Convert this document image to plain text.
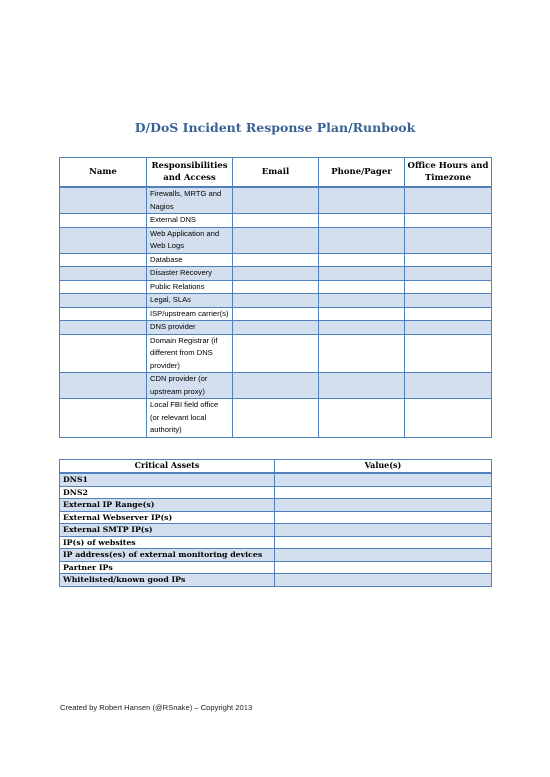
D/DoS Incident Response Plan/Runbook
Name	Responsibilities and Access	Email	Phone/Pager	Office Hours and Timezone
	Firewalls, MRTG and Nagios			
	External DNS			
	Web Application and Web Logs			
	Database			
	Disaster Recovery			
	Public Relations			
	Legal, SLAs			
	ISP/upstream carrier(s)			
	DNS provider			
	Domain Registrar (if different from DNS provider)			
	CDN provider (or upstream proxy)			
	Local FBI field office (or relevant local authority)			
Critical Assets	Value(s)
DNS1	
DNS2	
External IP Range(s)	
External Webserver IP(s)	
External SMTP IP(s)	
IP(s) of websites	
IP address(es) of external monitoring devices	
Partner IPs	
Whitelisted/known good IPs	
Created by Robert Hansen (@RSnake) – Copyright 2013
